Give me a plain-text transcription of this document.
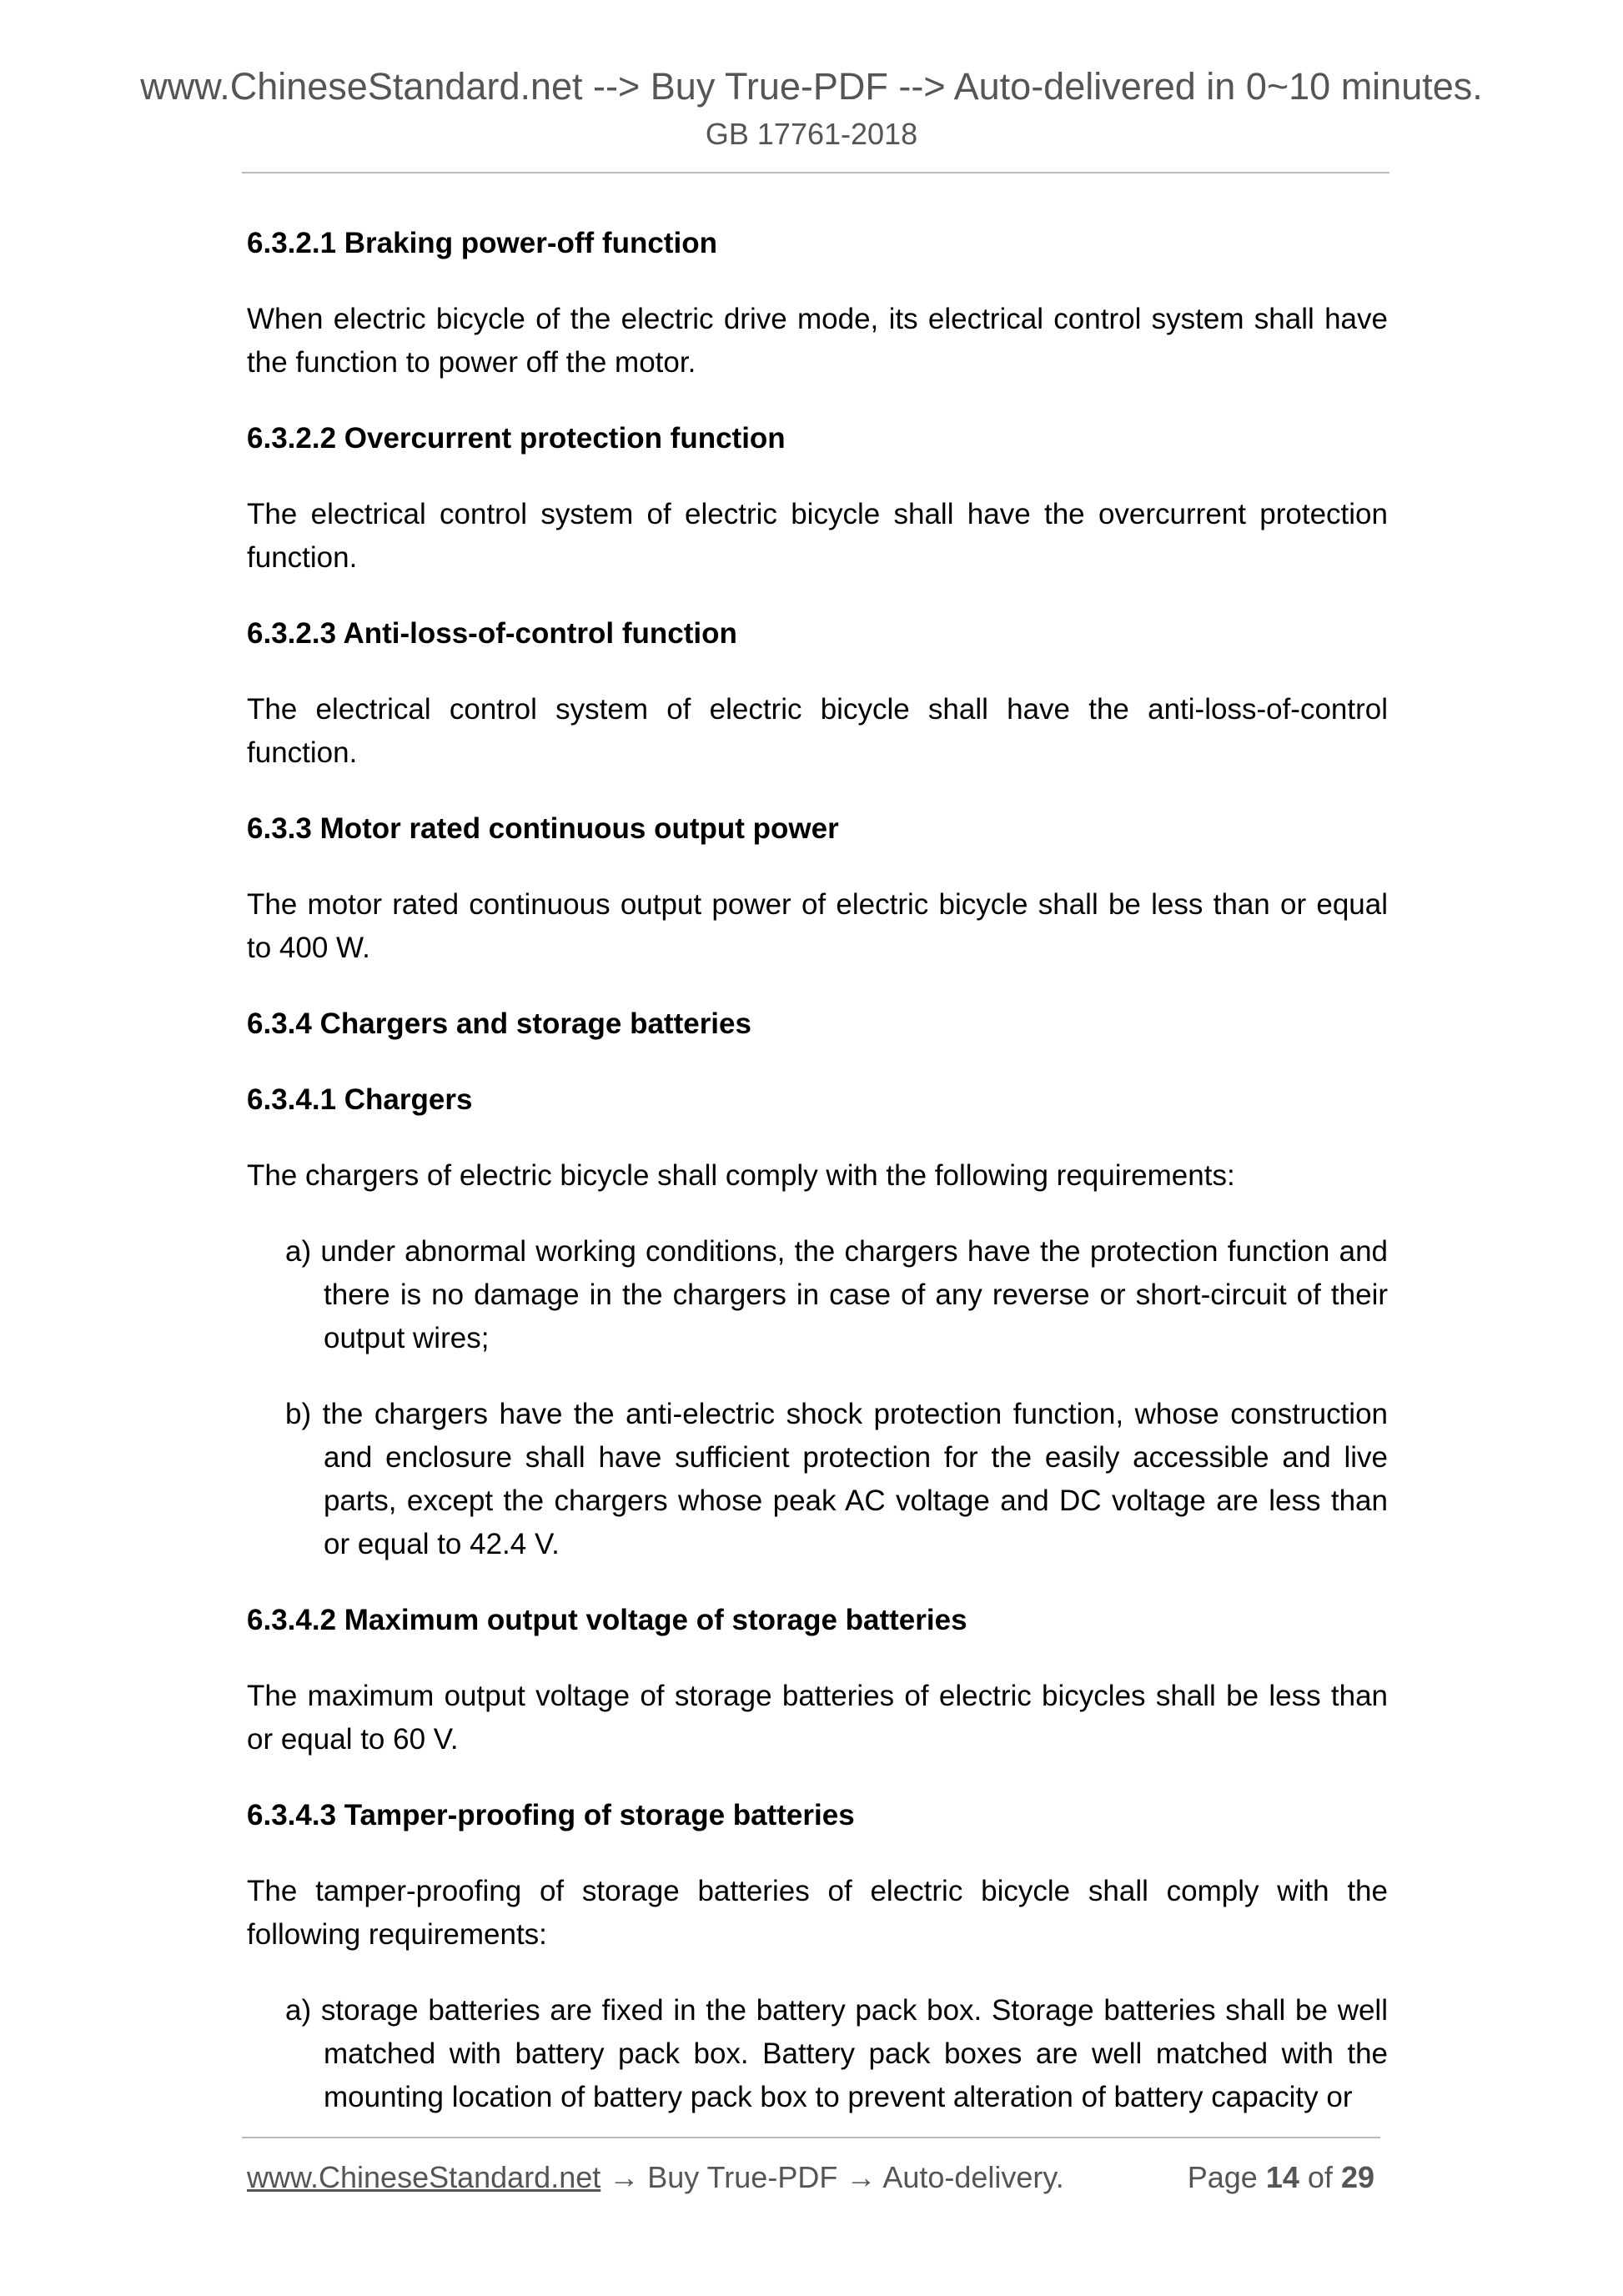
www.ChineseStandard.net --> Buy True-PDF --> Auto-delivered in 0~10 minutes.
GB 17761-2018

6.3.2.1 Braking power-off function

When electric bicycle of the electric drive mode, its electrical control system shall have the function to power off the motor.

6.3.2.2 Overcurrent protection function

The electrical control system of electric bicycle shall have the overcurrent protection function.

6.3.2.3 Anti-loss-of-control function

The electrical control system of electric bicycle shall have the anti-loss-of-control function.

6.3.3 Motor rated continuous output power

The motor rated continuous output power of electric bicycle shall be less than or equal to 400 W.

6.3.4 Chargers and storage batteries

6.3.4.1 Chargers

The chargers of electric bicycle shall comply with the following requirements:

a) under abnormal working conditions, the chargers have the protection function and there is no damage in the chargers in case of any reverse or short-circuit of their output wires;

b) the chargers have the anti-electric shock protection function, whose construction and enclosure shall have sufficient protection for the easily accessible and live parts, except the chargers whose peak AC voltage and DC voltage are less than or equal to 42.4 V.

6.3.4.2 Maximum output voltage of storage batteries

The maximum output voltage of storage batteries of electric bicycles shall be less than or equal to 60 V.

6.3.4.3 Tamper-proofing of storage batteries

The tamper-proofing of storage batteries of electric bicycle shall comply with the following requirements:

a) storage batteries are fixed in the battery pack box. Storage batteries shall be well matched with battery pack box. Battery pack boxes are well matched with the mounting location of battery pack box to prevent alteration of battery capacity or

www.ChineseStandard.net → Buy True-PDF → Auto-delivery.	Page 14 of 29
